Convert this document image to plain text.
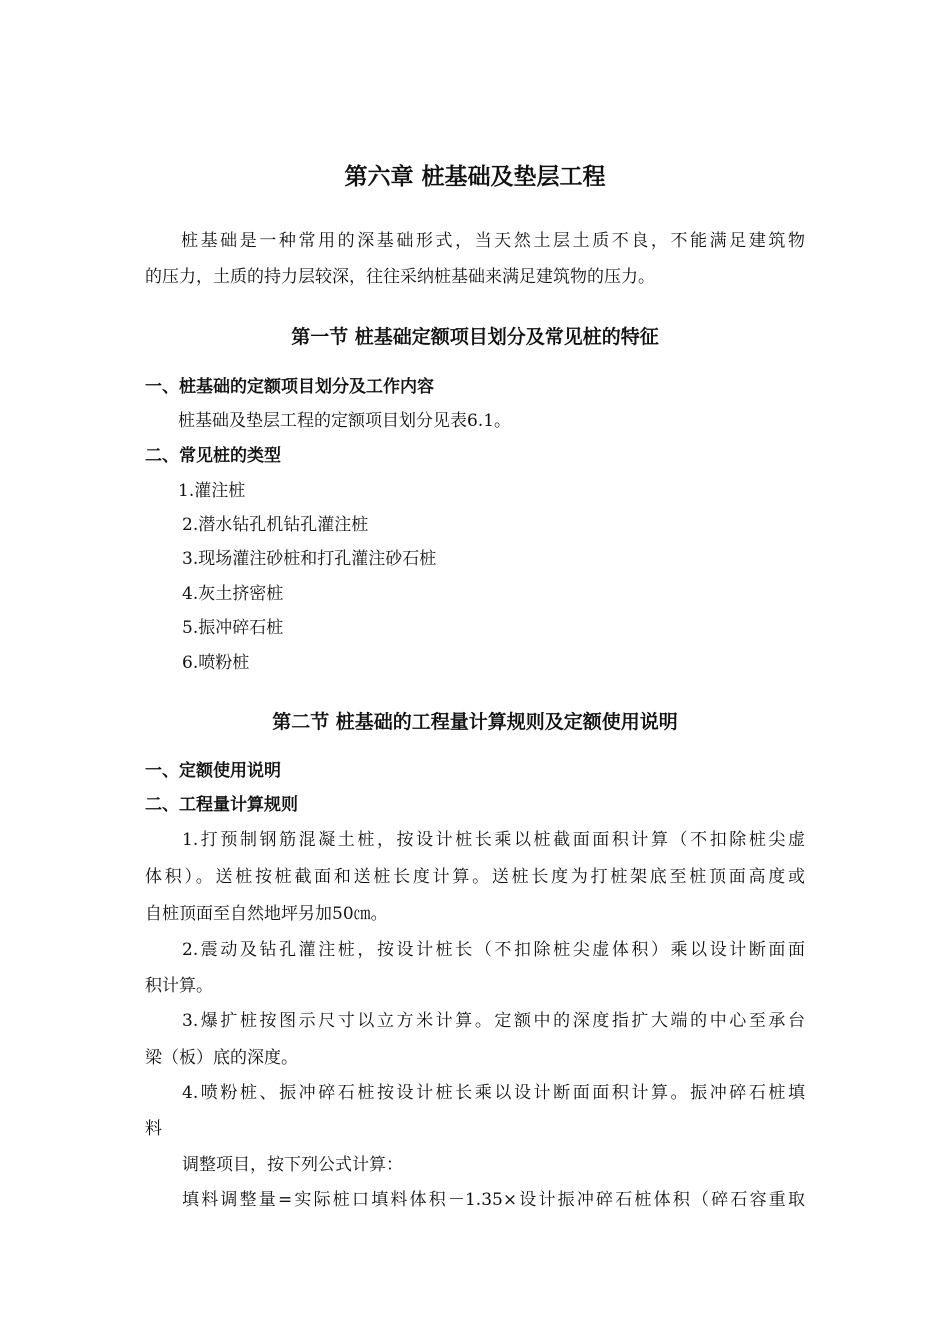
第六章 桩基础及垫层工程
桩基础是一种常用的深基础形式，当天然土层土质不良，不能满足建筑物
的压力，土质的持力层较深，往往采纳桩基础来满足建筑物的压力。
第一节 桩基础定额项目划分及常见桩的特征
一、桩基础的定额项目划分及工作内容
桩基础及垫层工程的定额项目划分见表6.1。
二、常见桩的类型
1.灌注桩
2.潜水钻孔机钻孔灌注桩
3.现场灌注砂桩和打孔灌注砂石桩
4.灰土挤密桩
5.振冲碎石桩
6.喷粉桩
第二节 桩基础的工程量计算规则及定额使用说明
一、定额使用说明
二、工程量计算规则
1.打预制钢筋混凝土桩，按设计桩长乘以桩截面面积计算（不扣除桩尖虚
体积）。送桩按桩截面和送桩长度计算。送桩长度为打桩架底至桩顶面高度或
自桩顶面至自然地坪另加50㎝。
2.震动及钻孔灌注桩，按设计桩长（不扣除桩尖虚体积）乘以设计断面面
积计算。
3.爆扩桩按图示尺寸以立方米计算。定额中的深度指扩大端的中心至承台
梁（板）底的深度。
4.喷粉桩、振冲碎石桩按设计桩长乘以设计断面面积计算。振冲碎石桩填
料
调整项目，按下列公式计算：
填料调整量=实际桩口填料体积－1.35×设计振冲碎石桩体积（碎石容重取
